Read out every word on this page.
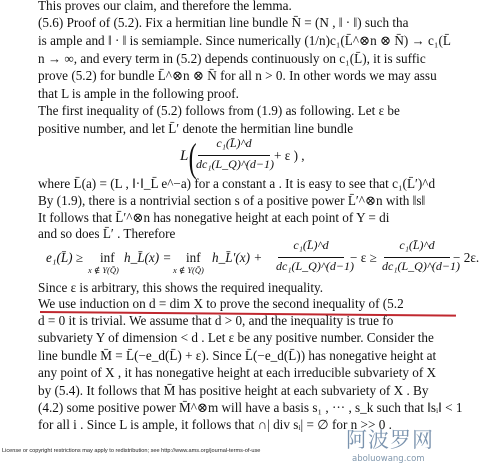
This proves our claim, and therefore the lemma.
(5.6) Proof of (5.2). Fix a hermitian line bundle N̄ = (N , ‖ · ‖) such tha
is ample and ‖ · ‖ is semiample. Since numerically (1/n)c₁(L̄^⊗n ⊗ N̄) → c₁(L̄
n → ∞, and every term in (5.2) depends continuously on c₁(L̄), it is suffic
prove (5.2) for bundle L̄^⊗n ⊗ N̄ for all n > 0. In other words we may assu
that L is ample in the following proof.
The first inequality of (5.2) follows from (1.9) as following. Let ε be
positive number, and let L̄′ denote the hermitian line bundle
L (	c₁(L̄)^d
dc₁(L_Q)^(d−1)
+ ε ) ,
where L̄(a) = (L , ‖·‖_L̄ e^−a) for a constant a . It is easy to see that c₁(L̄′)^d
By (1.9), there is a nontrivial section s of a positive power L̄′^⊗n with ‖s‖
It follows that L̄′^⊗n has nonegative height at each point of Y = di
and so does L̄′ . Therefore
e₁(L̄) ≥ inf
x ∉ Y(Q̄)
h_L̄(x) = inf
x ∉ Y(Q̄)
h_L̄′(x) +
c₁(L̄)^d
dc₁(L_Q)^(d−1)
− ε ≥
c₁(L̄)^d
dc₁(L_Q)^(d−1)
− 2ε.
Since ε is arbitrary, this shows the required inequality.
We use induction on d = dim X to prove the second inequality of (5.2
d = 0 it is trivial. We assume that d > 0, and the inequality is true fo
subvariety Y of dimension < d . Let ε be any positive number. Consider the
line bundle M̄ = L̄(−e_d(L̄) + ε). Since L̄(−e_d(L̄)) has nonegative height at
any point of X , it has nonegative height at each irreducible subvariety of X
by (5.4). It follows that M̄ has positive height at each subvariety of X . By
(4.2) some positive power M̄^⊗m will have a basis s₁ , ··· , s_k such that ‖sᵢ‖ < 1
for all i . Since L is ample, it follows that ∩| div sᵢ| = ∅ for n >> 0 .
License or copyright restrictions may apply to redistribution; see http://www.ams.org/journal-terms-of-use	阿波罗网
aboluowang.com
